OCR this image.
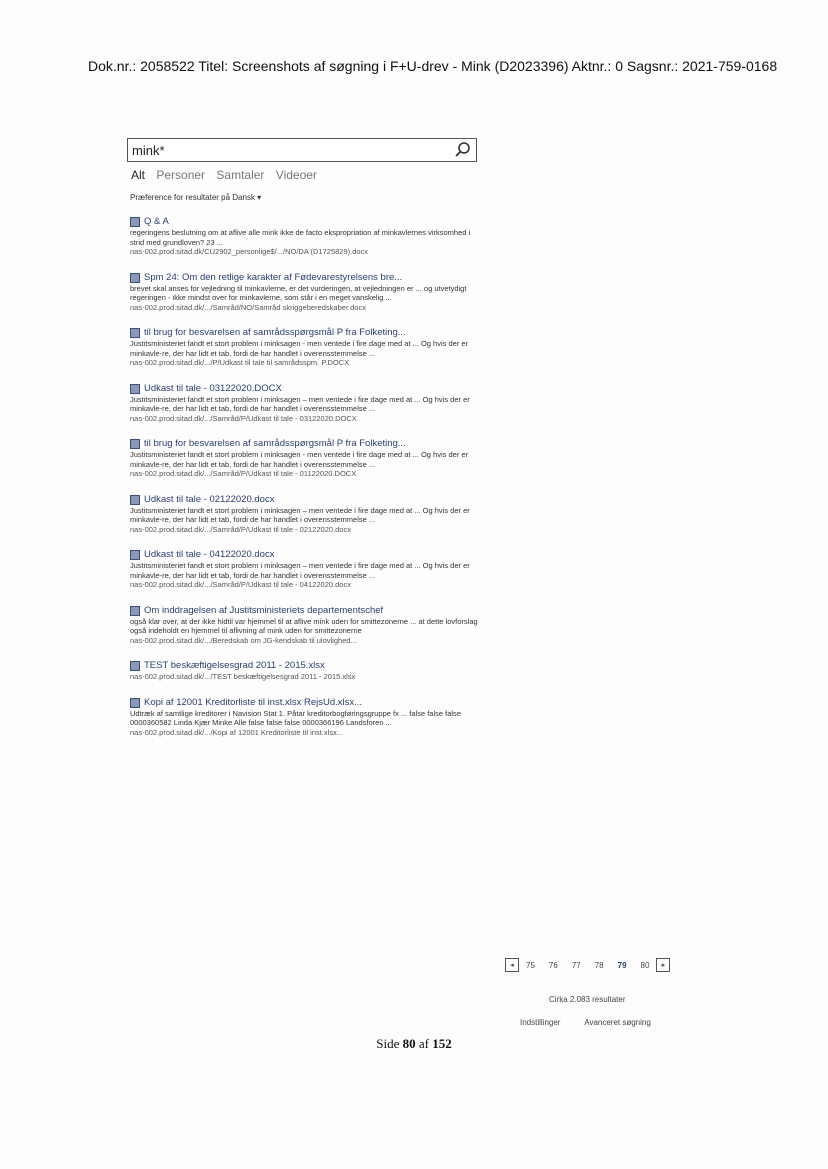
Dok.nr.: 2058522 Titel: Screenshots af søgning i F+U-drev - Mink (D2023396) Aktnr.: 0 Sagsnr.: 2021-759-0168
mink*
Alt Personer Samtaler Videoer
Præference for resultater på Dansk ▾
Q & A
regeringens beslutning om at aflive alle mink ikke de facto ekspropriation af minkavlernes virksomhed i strid med grundloven? 23 ...
nas-002.prod.sitad.dk/CU2902_personlige$/.../NO/DA (D1725829).docx
Spm 24: Om den retlige karakter af Fødevarestyrelsens bre...
brevet skal anses for vejledning til minkavlerne, er det vurderingen, at vejledningen er ... og utvetydigt regeringen - ikke mindst over for minkavlerne, som står i en meget vanskelig ...
nas-002.prod.sitad.dk/.../Samråd/NO/Samråd skriggeberedskaber.docx
til brug for besvarelsen af samrådsspørgsmål P fra Folketing...
Justitsministeriet fandt et stort problem i minksagen - men ventede i fire dage med at ... Og hvis der er minkavle-re, der har lidt et tab, fordi de har handlet i overensstemmelse ...
nas-002.prod.sitad.dk/.../P/Udkast til tale til samrådsspm. P.DOCX
Udkast til tale - 03122020.DOCX
Justitsministeriet fandt et stort problem i minksagen – men ventede i fire dage med at ... Og hvis der er minkavle-re, der har lidt et tab, fordi de har handlet i overensstemmelse ...
nas-002.prod.sitad.dk/.../Samråd/P/Udkast til tale - 03122020.DOCX
til brug for besvarelsen af samrådsspørgsmål P fra Folketing...
Justitsministeriet fandt et stort problem i minksagen - men ventede i fire dage med at ... Og hvis der er minkavle-re, der har lidt et tab, fordi de har handlet i overensstemmelse ...
nas-002.prod.sitad.dk/.../Samråd/P/Udkast til tale - 01122020.DOCX
Udkast til tale - 02122020.docx
Justitsministeriet fandt et stort problem i minksagen – men ventede i fire dage med at ... Og hvis der er minkavle-re, der har lidt et tab, fordi de har handlet i overensstemmelse ...
nas-002.prod.sitad.dk/.../Samråd/P/Udkast til tale - 02122020.docx
Udkast til tale - 04122020.docx
Justitsministeriet fandt et stort problem i minksagen – men ventede i fire dage med at ... Og hvis der er minkavle-re, der har lidt et tab, fordi de har handlet i overensstemmelse ...
nas-002.prod.sitad.dk/.../Samråd/P/Udkast til tale - 04122020.docx
Om inddragelsen af Justitsministeriets departementschef
også klar over, at der ikke hidtil var hjemmel til at aflive mink uden for smittezonerne ... at dette lovforslag også indeholdt en hjemmel til aflivning af mink uden for smittezonerne
nas-002.prod.sitad.dk/.../Beredskab om JG-kendskab til ulovlighed...
TEST beskæftigelsesgrad 2011 - 2015.xlsx
nas-002.prod.sitad.dk/.../TEST beskæftigelsesgrad 2011 - 2015.xlsx
Kopi af 12001 Kreditorliste til inst.xlsx RejsUd.xlsx...
Udtræk af samtlige kreditorer i Navision Stat 1. Påtar kreditorbogføringsgruppe fx ... false false false 0000360582 Linda Kjær Minke Alle false false false 0000366196 Landsforen ...
nas-002.prod.sitad.dk/.../Kopi af 12001 Kreditorliste til inst.xlsx...
◂	75 76 77 78 79 80	▸
Cirka 2.083 resultater
Indstillinger	Avanceret søgning
Side 80 af 152
